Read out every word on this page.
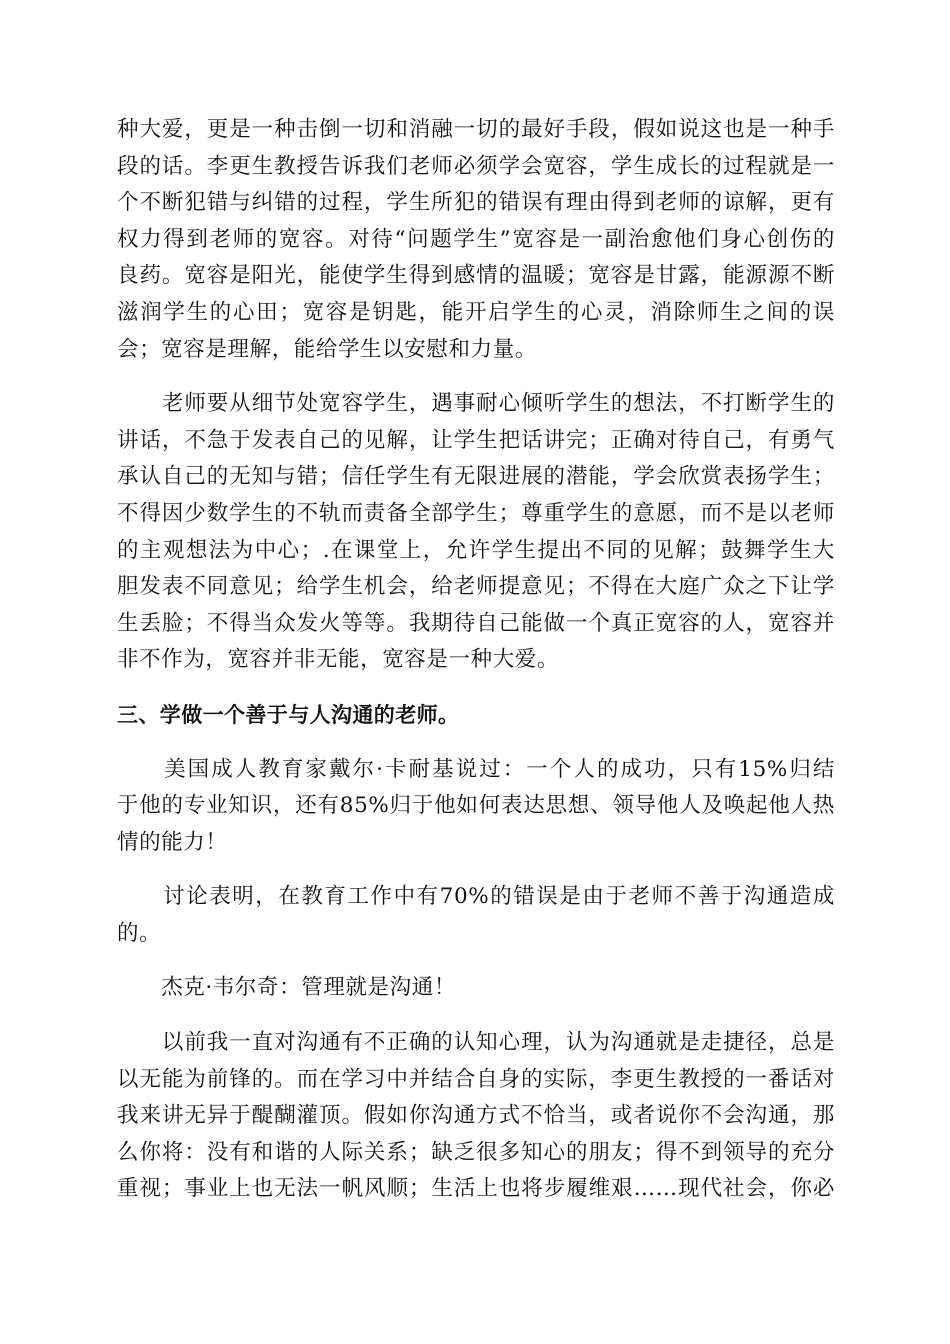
种大爱，更是一种击倒一切和消融一切的最好手段，假如说这也是一种手
段的话。李更生教授告诉我们老师必须学会宽容，学生成长的过程就是一
个不断犯错与纠错的过程，学生所犯的错误有理由得到老师的谅解，更有
权力得到老师的宽容。对待“问题学生”宽容是一副治愈他们身心创伤的
良药。宽容是阳光，能使学生得到感情的温暖；宽容是甘露，能源源不断
滋润学生的心田；宽容是钥匙，能开启学生的心灵，消除师生之间的误
会；宽容是理解，能给学生以安慰和力量。
　　老师要从细节处宽容学生，遇事耐心倾听学生的想法，不打断学生的
讲话，不急于发表自己的见解，让学生把话讲完；正确对待自己，有勇气
承认自己的无知与错；信任学生有无限进展的潜能，学会欣赏表扬学生；
不得因少数学生的不轨而责备全部学生；尊重学生的意愿，而不是以老师
的主观想法为中心；.在课堂上，允许学生提出不同的见解；鼓舞学生大
胆发表不同意见；给学生机会，给老师提意见；不得在大庭广众之下让学
生丢脸；不得当众发火等等。我期待自己能做一个真正宽容的人，宽容并
非不作为，宽容并非无能，宽容是一种大爱。
三、学做一个善于与人沟通的老师。
　　美国成人教育家戴尔·卡耐基说过：一个人的成功，只有15%归结
于他的专业知识，还有85%归于他如何表达思想、领导他人及唤起他人热
情的能力！
　　讨论表明，在教育工作中有70%的错误是由于老师不善于沟通造成
的。
　　杰克·韦尔奇：管理就是沟通！
　　以前我一直对沟通有不正确的认知心理，认为沟通就是走捷径，总是
以无能为前锋的。而在学习中并结合自身的实际，李更生教授的一番话对
我来讲无异于醍醐灌顶。假如你沟通方式不恰当，或者说你不会沟通，那
么你将：没有和谐的人际关系；缺乏很多知心的朋友；得不到领导的充分
重视；事业上也无法一帆风顺；生活上也将步履维艰……现代社会，你必
